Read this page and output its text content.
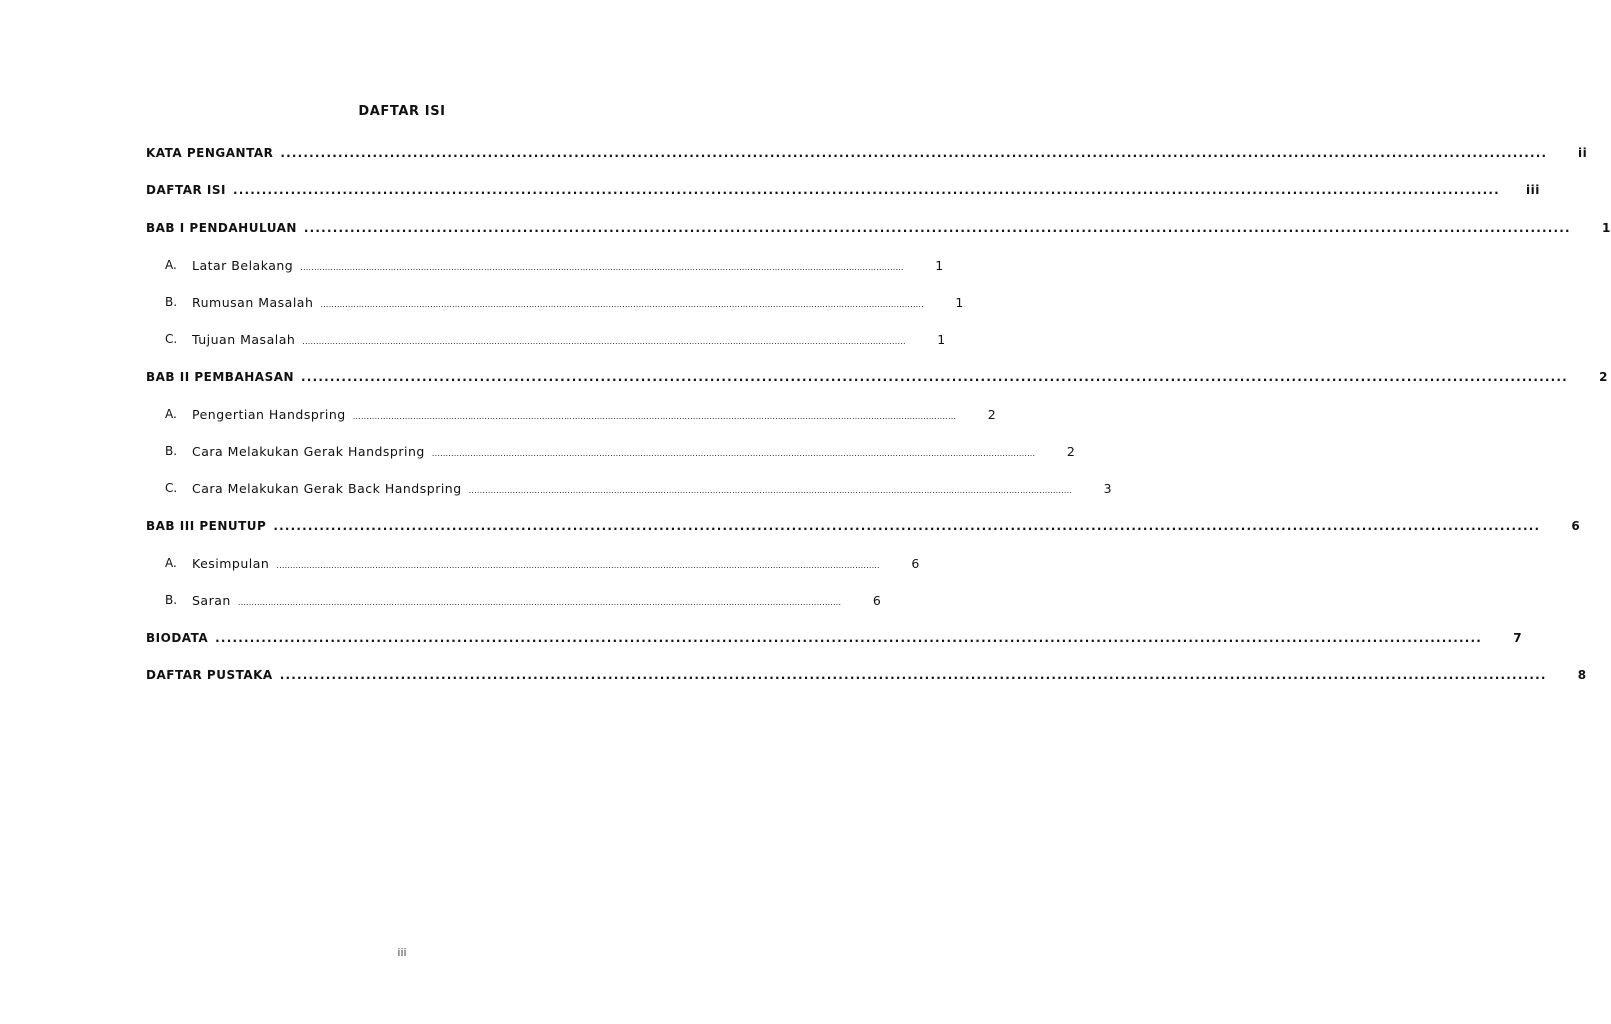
DAFTAR ISI
KATA PENGANTAR ............................................................................................................................................................................................................................	ii
DAFTAR ISI ............................................................................................................................................................................................................................	iii
BAB I PENDAHULUAN ............................................................................................................................................................................................................................	1
A.	Latar Belakang ............................................................................................................................................................................................................................	1
B.	Rumusan Masalah ............................................................................................................................................................................................................................	1
C.	Tujuan Masalah ............................................................................................................................................................................................................................	1
BAB II PEMBAHASAN ............................................................................................................................................................................................................................	2
A.	Pengertian Handspring ............................................................................................................................................................................................................................	2
B.	Cara Melakukan Gerak Handspring ............................................................................................................................................................................................................................	2
C.	Cara Melakukan Gerak Back Handspring ............................................................................................................................................................................................................................	3
BAB III PENUTUP ............................................................................................................................................................................................................................	6
A.	Kesimpulan ............................................................................................................................................................................................................................	6
B.	Saran ............................................................................................................................................................................................................................	6
BIODATA ............................................................................................................................................................................................................................	7
DAFTAR PUSTAKA ............................................................................................................................................................................................................................	8
iii
